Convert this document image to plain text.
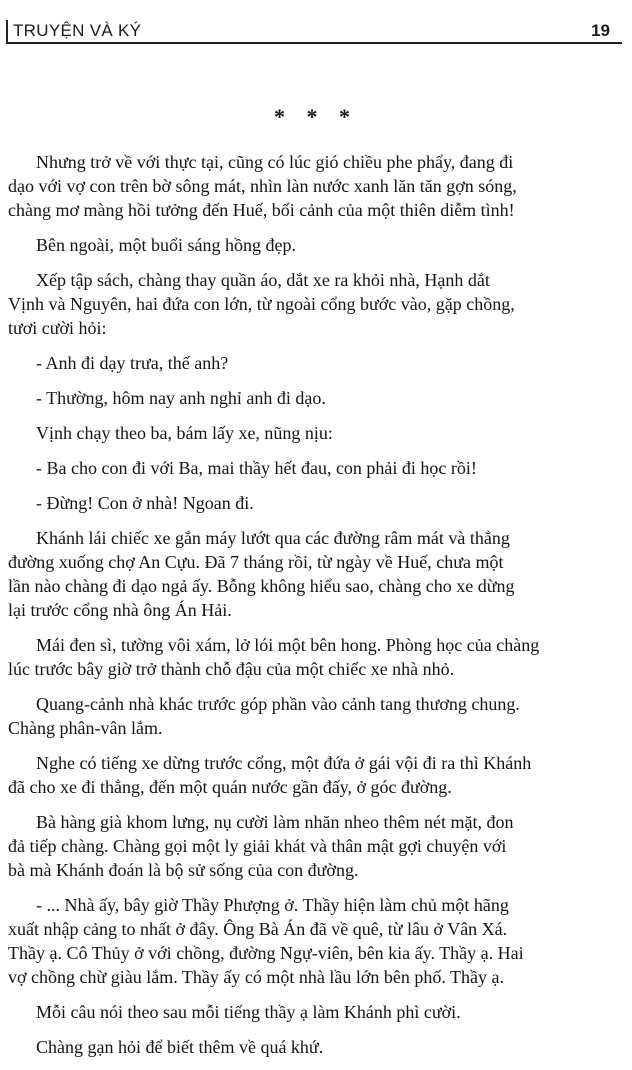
TRUYỆN VÀ KÝ	19
* * *
Nhưng trở về với thực tại, cũng có lúc gió chiều phe phẩy, đang đi
dạo với vợ con trên bờ sông mát, nhìn làn nước xanh lăn tăn gợn sóng,
chàng mơ màng hồi tưởng đến Huế, bối cảnh của một thiên diễm tình!
Bên ngoài, một buổi sáng hồng đẹp.
Xếp tập sách, chàng thay quần áo, dắt xe ra khỏi nhà, Hạnh dắt
Vịnh và Nguyên, hai đứa con lớn, từ ngoài cổng bước vào, gặp chồng,
tươi cười hỏi:
- Anh đi dạy trưa, thế anh?
- Thường, hôm nay anh nghỉ anh đi dạo.
Vịnh chạy theo ba, bám lấy xe, nũng nịu:
- Ba cho con đi với Ba, mai thầy hết đau, con phải đi học rồi!
- Đừng! Con ở nhà! Ngoan đi.
Khánh lái chiếc xe gắn máy lướt qua các đường râm mát và thẳng
đường xuống chợ An Cựu. Đã 7 tháng rồi, từ ngày về Huế, chưa một
lần nào chàng đi dạo ngả ấy. Bỗng không hiểu sao, chàng cho xe dừng
lại trước cổng nhà ông Án Hải.
Mái đen sì, tường vôi xám, lở lói một bên hong. Phòng học của chàng
lúc trước bây giờ trở thành chỗ đậu của một chiếc xe nhà nhỏ.
Quang-cảnh nhà khác trước góp phần vào cảnh tang thương chung.
Chàng phân-vân lắm.
Nghe có tiếng xe dừng trước cổng, một đứa ở gái vội đi ra thì Khánh
đã cho xe đi thẳng, đến một quán nước gần đấy, ở góc đường.
Bà hàng già khom lưng, nụ cười làm nhăn nheo thêm nét mặt, đon
đả tiếp chàng. Chàng gọi một ly giải khát và thân mật gợi chuyện với
bà mà Khánh đoán là bộ sử sống của con đường.
- ... Nhà ấy, bây giờ Thầy Phượng ở. Thầy hiện làm chủ một hãng
xuất nhập cảng to nhất ở đây. Ông Bà Án đã về quê, từ lâu ở Vân Xá.
Thầy ạ. Cô Thủy ở với chồng, đường Ngự-viên, bên kia ấy. Thầy ạ. Hai
vợ chồng chừ giàu lắm. Thầy ấy có một nhà lầu lớn bên phố. Thầy ạ.
Mỗi câu nói theo sau mỗi tiếng thầy ạ làm Khánh phì cười.
Chàng gạn hỏi để biết thêm về quá khứ.
